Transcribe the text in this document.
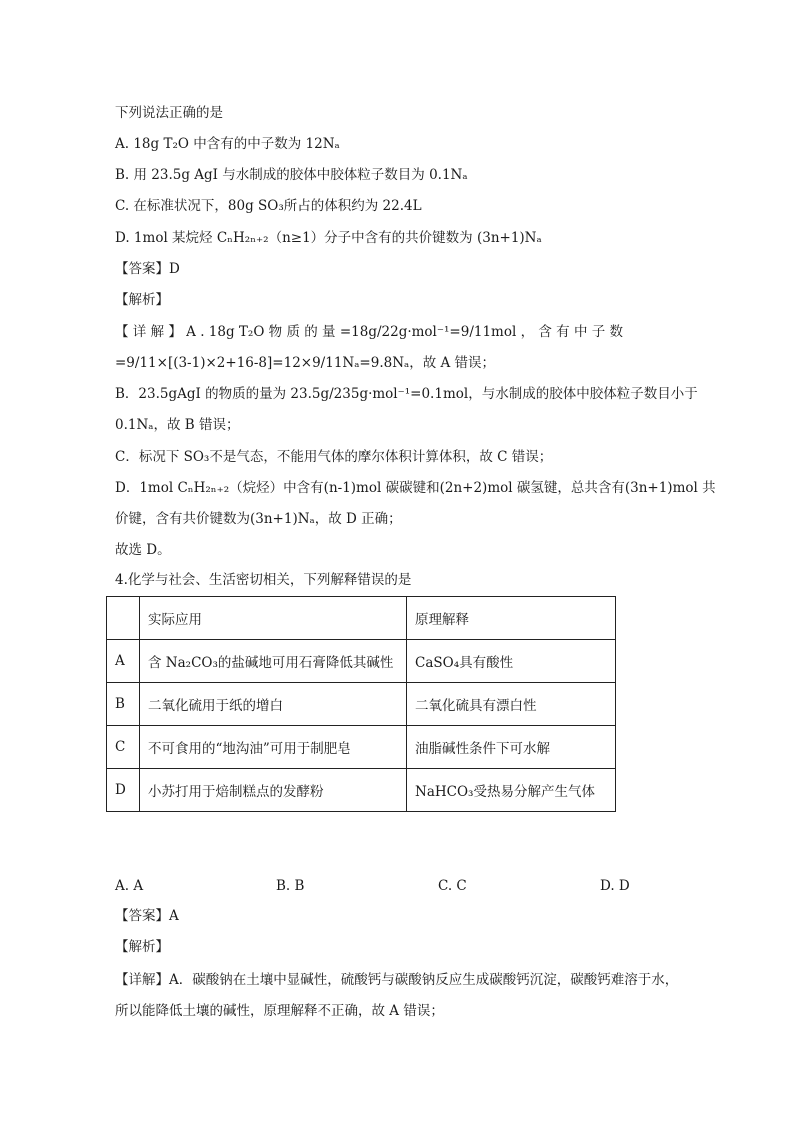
下列说法正确的是
A. 18g T₂O 中含有的中子数为 12Nₐ
B. 用 23.5g AgI 与水制成的胶体中胶体粒子数目为 0.1Nₐ
C. 在标准状况下，80g SO₃所占的体积约为 22.4L
D. 1mol 某烷烃 CₙH₂ₙ₊₂（n≥1）分子中含有的共价键数为 (3n+1)Nₐ
【答案】D
【解析】
【 详 解 】 A . 18g T₂O 物 质 的 量 =18g/22g·mol⁻¹=9/11mol ， 含 有 中 子 数
=9/11×[(3-1)×2+16-8]=12×9/11Nₐ=9.8Nₐ，故 A 错误；
B．23.5gAgI 的物质的量为 23.5g/235g·mol⁻¹=0.1mol，与水制成的胶体中胶体粒子数目小于
0.1Nₐ，故 B 错误；
C．标况下 SO₃不是气态，不能用气体的摩尔体积计算体积，故 C 错误；
D．1mol CₙH₂ₙ₊₂（烷烃）中含有(n-1)mol 碳碳键和(2n+2)mol 碳氢键，总共含有(3n+1)mol 共
价键，含有共价键数为(3n+1)Nₐ，故 D 正确；
故选 D。
4.化学与社会、生活密切相关，下列解释错误的是
	实际应用	原理解释
A	含 Na₂CO₃的盐碱地可用石膏降低其碱性	CaSO₄具有酸性
B	二氧化硫用于纸的增白	二氧化硫具有漂白性
C	不可食用的“地沟油”可用于制肥皂	油脂碱性条件下可水解
D	小苏打用于焙制糕点的发酵粉	NaHCO₃受热易分解产生气体
A. A	B. B	C. C	D. D
【答案】A
【解析】
【详解】A．碳酸钠在土壤中显碱性，硫酸钙与碳酸钠反应生成碳酸钙沉淀，碳酸钙难溶于水，
所以能降低土壤的碱性，原理解释不正确，故 A 错误；
